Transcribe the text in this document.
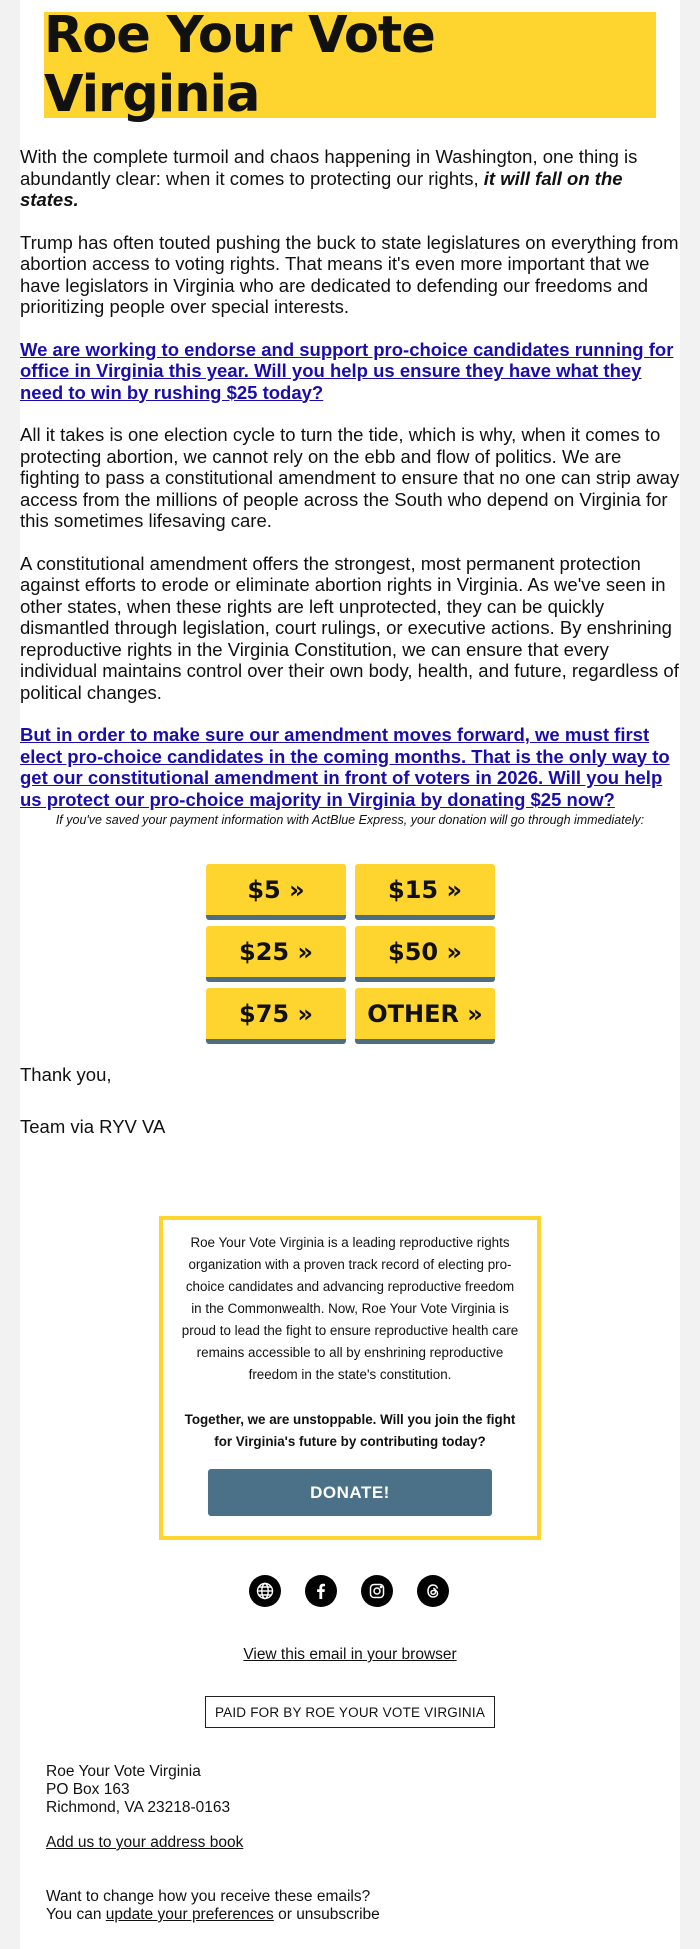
Roe Your Vote Virginia

With the complete turmoil and chaos happening in Washington, one thing is abundantly clear: when it comes to protecting our rights, it will fall on the states.

Trump has often touted pushing the buck to state legislatures on everything from abortion access to voting rights. That means it's even more important that we have legislators in Virginia who are dedicated to defending our freedoms and prioritizing people over special interests.

We are working to endorse and support pro-choice candidates running for office in Virginia this year. Will you help us ensure they have what they need to win by rushing $25 today?

All it takes is one election cycle to turn the tide, which is why, when it comes to protecting abortion, we cannot rely on the ebb and flow of politics. We are fighting to pass a constitutional amendment to ensure that no one can strip away access from the millions of people across the South who depend on Virginia for this sometimes lifesaving care.

A constitutional amendment offers the strongest, most permanent protection against efforts to erode or eliminate abortion rights in Virginia. As we've seen in other states, when these rights are left unprotected, they can be quickly dismantled through legislation, court rulings, or executive actions. By enshrining reproductive rights in the Virginia Constitution, we can ensure that every individual maintains control over their own body, health, and future, regardless of political changes.

But in order to make sure our amendment moves forward, we must first elect pro-choice candidates in the coming months. That is the only way to get our constitutional amendment in front of voters in 2026. Will you help us protect our pro-choice majority in Virginia by donating $25 now?

If you've saved your payment information with ActBlue Express, your donation will go through immediately:
$5 »	$15 »
$25 »	$50 »
$75 »	OTHER »
Thank you,
Team via RYV VA

Roe Your Vote Virginia is a leading reproductive rights organization with a proven track record of electing pro-choice candidates and advancing reproductive freedom in the Commonwealth. Now, Roe Your Vote Virginia is proud to lead the fight to ensure reproductive health care remains accessible to all by enshrining reproductive freedom in the state's constitution.

Together, we are unstoppable. Will you join the fight for Virginia's future by contributing today?

DONATE!
View this email in your browser
PAID FOR BY ROE YOUR VOTE VIRGINIA
Roe Your Vote Virginia
PO Box 163
Richmond, VA 23218-0163
Add us to your address book
Want to change how you receive these emails?
You can update your preferences or unsubscribe
